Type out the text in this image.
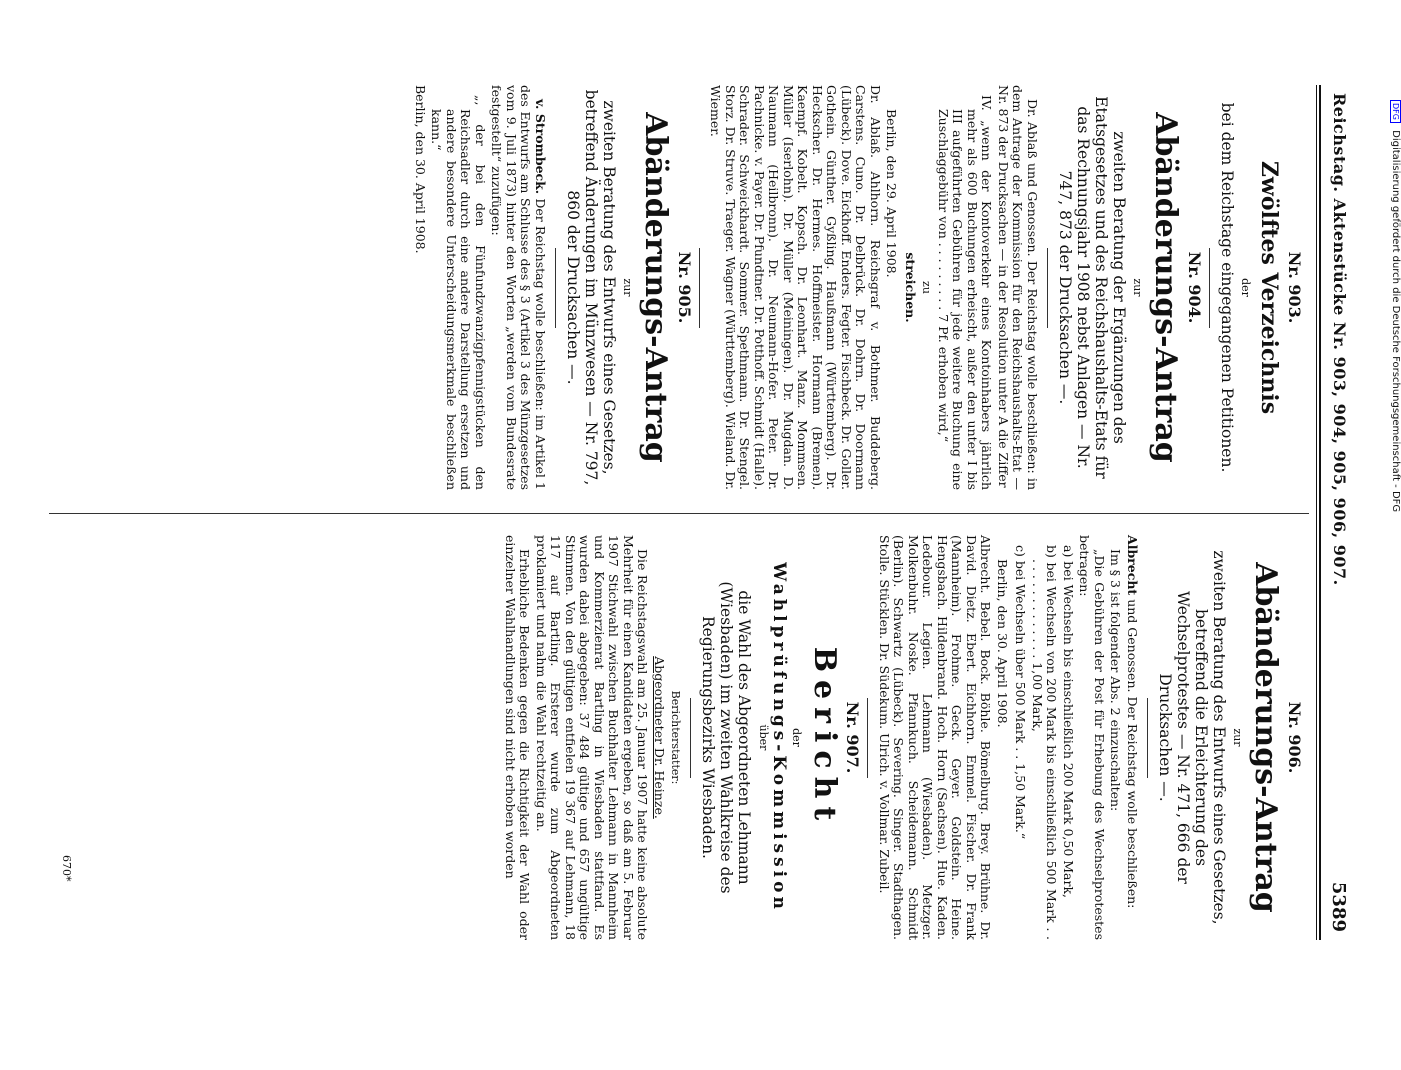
DFG Digitalisierung gefördert durch die Deutsche Forschungsgemeinschaft - DFG
Reichstag. Aktenstücke Nr. 903, 904, 905, 906, 907.
5389
Nr. 903.
Zwölftes Verzeichnis
der
bei dem Reichstage eingegangenen Petitionen.
Nr. 904.
Abänderungs-Antrag
zur
zweiten Beratung der Ergänzungen des Etatsgesetzes und des Reichshaushalts-Etats für das Rechnungsjahr 1908 nebst Anlagen — Nr. 747, 873 der Drucksachen —.

Dr. Ablaß und Genossen. Der Reichstag wolle beschließen: in dem Antrage der Kommission für den Reichshaushalts-Etat — Nr. 873 der Drucksachen — in der Resolution unter A die Ziffer

IV. „wenn der Kontoverkehr eines Kontoinhabers jährlich mehr als 600 Buchungen erheischt, außer den unter I bis III aufgeführten Gebühren für jede weitere Buchung eine Zuschlaggebühr von . . . . . . . . . 7 Pf. erhoben wird,“

zu
streichen.

Berlin, den 29. April 1908.

Dr. Ablaß. Ahlhorn. Reichsgraf v. Bothmer. Buddeberg. Carstens. Cuno. Dr. Delbrück. Dr. Dohrn. Dr. Doormann (Lübeck). Dove. Eickhoff. Enders. Fegter. Fischbeck. Dr. Goller. Gothein. Günther. Gyßling. Haußmann (Württemberg). Dr. Heckscher. Dr. Hermes. Hoffmeister. Hormann (Bremen). Kaempf. Kobelt. Kopsch. Dr. Leonhart. Manz. Mommsen. Müller (Iserlohn). Dr. Müller (Meiningen). Dr. Mugdan. D. Naumann (Heilbronn). Dr. Neumann-Hofer. Peter. Dr. Pachnicke. v. Payer. Dr. Pfundtner. Dr. Potthoff. Schmidt (Halle). Schrader. Schweickhardt. Sommer. Spethmann. Dr. Stengel. Storz. Dr. Struve. Traeger. Wagner (Württemberg). Wieland. Dr. Wiemer.

Nr. 905.
Abänderungs-Antrag
zur
zweiten Beratung des Entwurfs eines Gesetzes, betreffend Änderungen im Münzwesen — Nr. 797, 860 der Drucksachen —.

v. Strombeck. Der Reichstag wolle beschließen: im Artikel 1 des Entwurfs am Schlusse des § 3 (Artikel 3 des Münzgesetzes vom 9. Juli 1873) hinter den Worten „werden vom Bundesrate festgestellt“ zuzufügen:

„, der bei den Fünfundzwanzigpfennigstücken den Reichsadler durch eine andere Darstellung ersetzen und andere besondere Unterscheidungsmerkmale beschließen kann.“

Berlin, den 30. April 1908.

Nr. 906.
Abänderungs-Antrag
zur
zweiten Beratung des Entwurfs eines Gesetzes, betreffend die Erleichterung des Wechselprotestes — Nr. 471, 666 der Drucksachen —.

Albrecht und Genossen. Der Reichstag wolle beschließen:

Im § 3 ist folgender Abs. 2 einzuschalten:

„Die Gebühren der Post für Erhebung des Wechselprotestes betragen:

a) bei Wechseln bis einschließlich 200 Mark 0,50 Mark,

b) bei Wechseln von 200 Mark bis einschließlich 500 Mark . . . . . . . . . . . . . . . 1,00 Mark,

c) bei Wechseln über 500 Mark . . 1,50 Mark.“

Berlin, den 30. April 1908.

Albrecht. Bebel. Bock. Böhle. Bömelburg. Brey. Brühne. Dr. David. Dietz. Ebert. Eichhorn. Emmel. Fischer. Dr. Frank (Mannheim). Frohme. Geck. Geyer. Goldstein. Heine. Hengsbach. Hildenbrand. Hoch. Horn (Sachsen). Hue. Kaden. Ledebour. Legien. Lehmann (Wiesbaden). Metzger. Molkenbuhr. Noske. Pfannkuch. Scheidemann. Schmidt (Berlin). Schwartz (Lübeck). Severing. Singer. Stadthagen. Stolle. Stücklen. Dr. Südekum. Ulrich. v. Vollmar. Zubeil.

Nr. 907.
Bericht
der
Wahlprüfungs-Kommission
über
die Wahl des Abgeordneten Lehmann (Wiesbaden) im zweiten Wahlkreise des Regierungsbezirks Wiesbaden.
Berichterstatter:
Abgeordneter Dr. Heinze.

Die Reichstagswahl am 25. Januar 1907 hatte keine absolute Mehrheit für einen Kandidaten ergeben, so daß am 5. Februar 1907 Stichwahl zwischen Buchhalter Lehmann in Mannheim und Kommerzienrat Bartling in Wiesbaden stattfand. Es wurden dabei abgegeben: 37 484 gültige und 657 ungültige Stimmen. Von den gültigen entfielen 19 367 auf Lehmann, 18 117 auf Bartling. Ersterer wurde zum Abgeordneten proklamiert und nahm die Wahl rechtzeitig an.

Erhebliche Bedenken gegen die Richtigkeit der Wahl oder einzelner Wahlhandlungen sind nicht erhoben worden

670*
